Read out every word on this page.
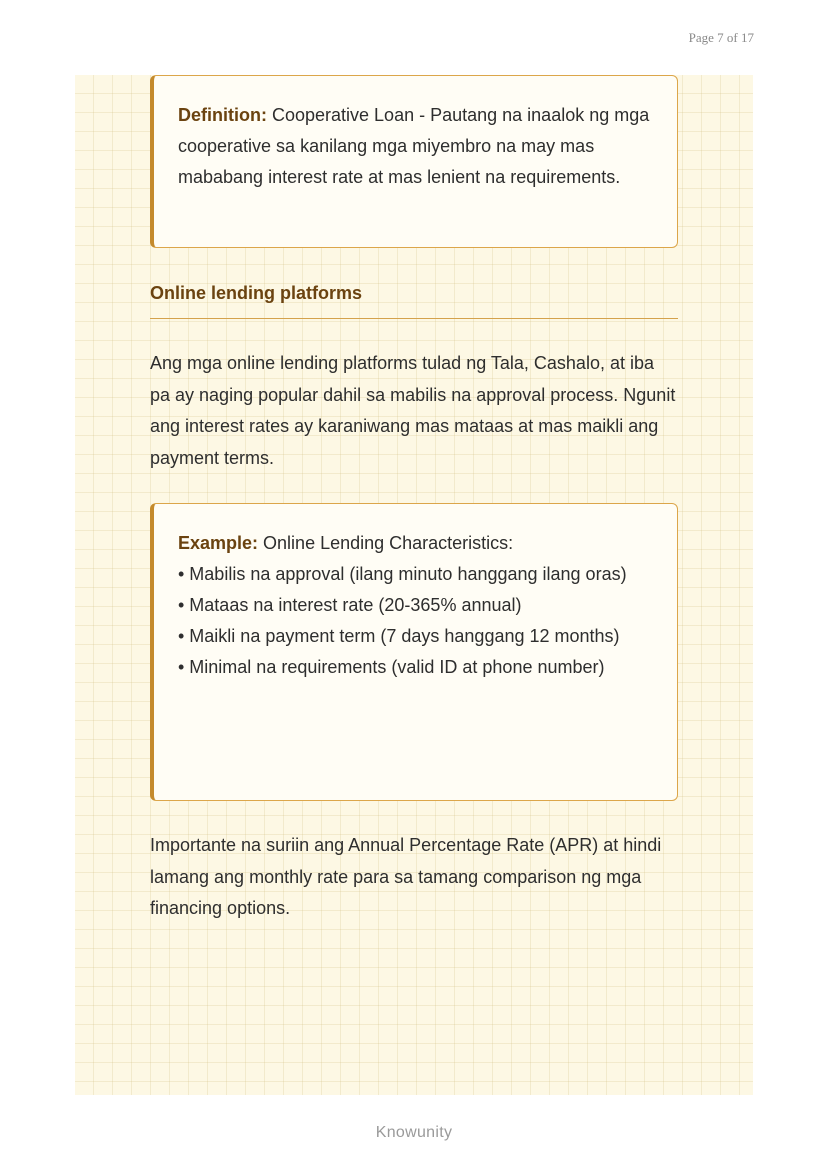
Page 7 of 17
Definition: Cooperative Loan - Pautang na inaalok ng mga cooperative sa kanilang mga miyembro na may mas mababang interest rate at mas lenient na requirements.
Online lending platforms
Ang mga online lending platforms tulad ng Tala, Cashalo, at iba pa ay naging popular dahil sa mabilis na approval process. Ngunit ang interest rates ay karaniwang mas mataas at mas maikli ang payment terms.
Example: Online Lending Characteristics:
• Mabilis na approval (ilang minuto hanggang ilang oras)
• Mataas na interest rate (20-365% annual)
• Maikli na payment term (7 days hanggang 12 months)
• Minimal na requirements (valid ID at phone number)
Importante na suriin ang Annual Percentage Rate (APR) at hindi lamang ang monthly rate para sa tamang comparison ng mga financing options.
Knowunity
